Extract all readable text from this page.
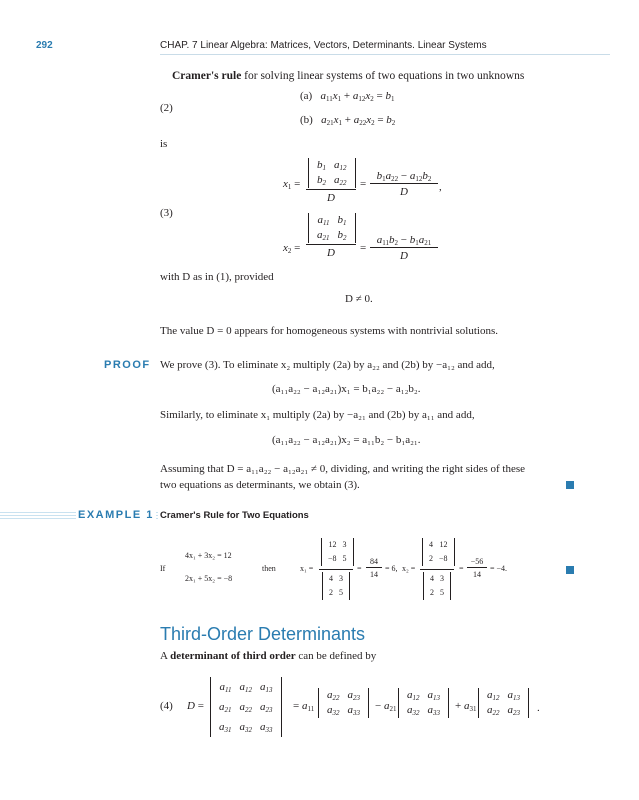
292	CHAP. 7 Linear Algebra: Matrices, Vectors, Determinants. Linear Systems
Cramer's rule for solving linear systems of two equations in two unknowns
(2)
(a) $a_{11}x_1 + a_{12}x_2 = b_1$
(b) $a_{21}x_1 + a_{22}x_2 = b_2$
is
(3)
$x_1$ =
$b_1$	$a_{12}$
$b_2$	$a_{22}$
D
=
$b_1a_{22} - a_{12}b_2$
D	,
$x_2$ =
$a_{11}$	$b_1$
$a_{21}$	$b_2$
D	=
$a_{11}b_2 - b_1a_{21}$
D
with D as in (1), provided
D ≠ 0.
The value D = 0 appears for homogeneous systems with nontrivial solutions.
PROOF We prove (3). To eliminate x₂ multiply (2a) by a₂₂ and (2b) by −a₁₂ and add,
(a₁₁a₂₂ − a₁₂a₂₁)x₁ = b₁a₂₂ − a₁₂b₂.
Similarly, to eliminate x₁ multiply (2a) by −a₂₁ and (2b) by a₁₁ and add,
(a₁₁a₂₂ − a₁₂a₂₁)x₂ = a₁₁b₂ − b₁a₂₁.
Assuming that D = a₁₁a₂₂ − a₁₂a₂₁ ≠ 0, dividing, and writing the right sides of these
two equations as determinants, we obtain (3).
EXAMPLE 1 Cramer's Rule for Two Equations
If
4x₁ + 3x₂ = 12
2x₁ + 5x₂ = −8
then	x₁ =
12	3
−8	5
4	3
2	5
=
84
14
= 6, x₂ =
4	12
2	−8
4	3
2	5
=
−56
14
= −4.
Third-Order Determinants
A determinant of third order can be defined by
(4) D =
$a_{11}$	$a_{12}$	$a_{13}$
$a_{21}$	$a_{22}$	$a_{23}$
$a_{31}$	$a_{32}$	$a_{33}$
= $a_{11}$
$a_{22}$	$a_{23}$
$a_{32}$	$a_{33}$
− $a_{21}$
$a_{12}$	$a_{13}$
$a_{32}$	$a_{33}$
+ $a_{31}$
$a_{12}$	$a_{13}$
$a_{22}$	$a_{23}$ .
